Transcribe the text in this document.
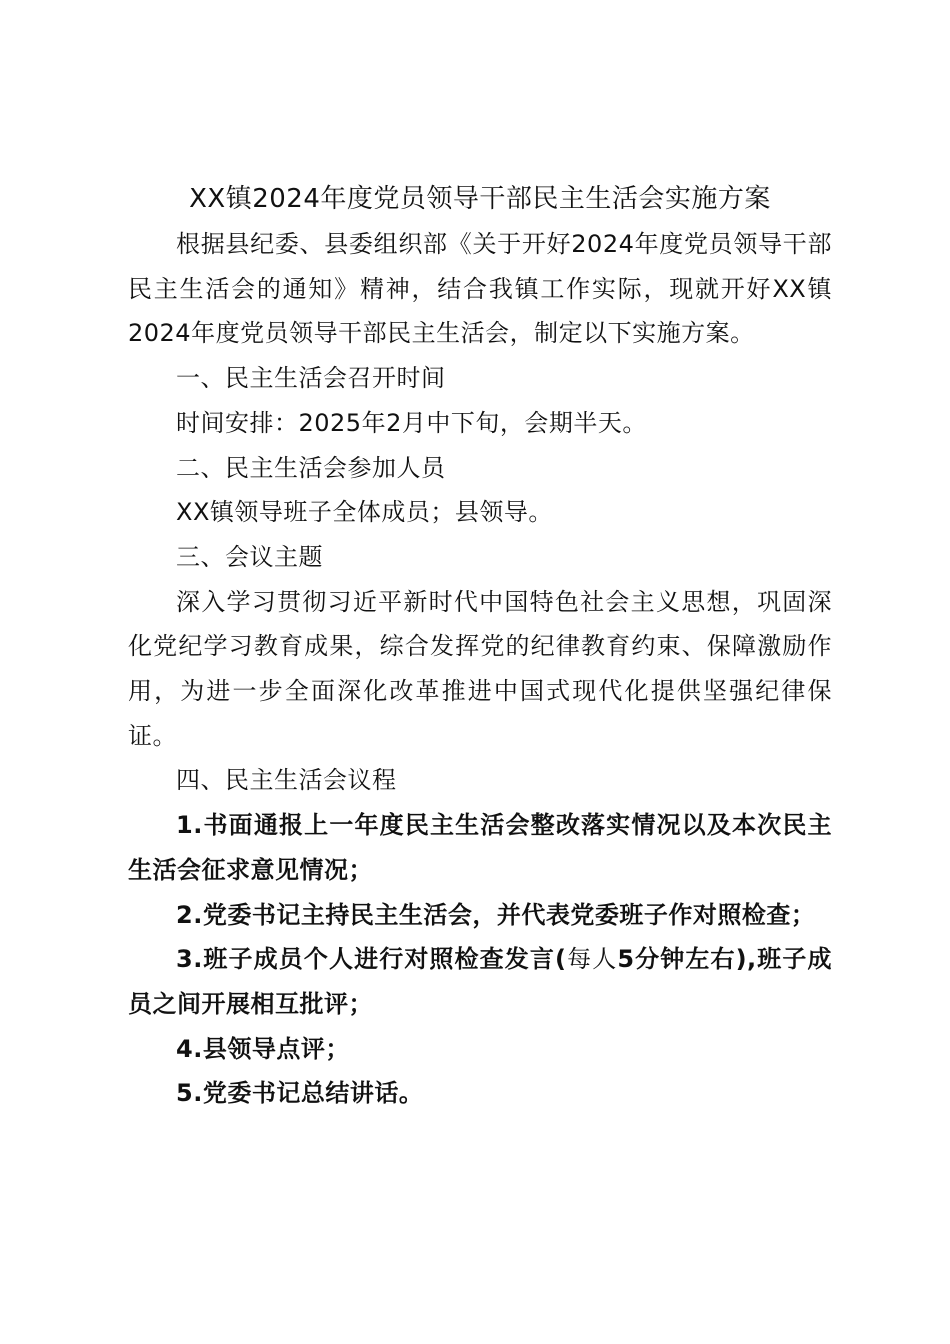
XX镇2024年度党员领导干部民主生活会实施方案

根据县纪委、县委组织部《关于开好2024年度党员领导干部民主生活会的通知》精神，结合我镇工作实际，现就开好XX镇2024年度党员领导干部民主生活会，制定以下实施方案。

一、民主生活会召开时间

时间安排：2025年2月中下旬，会期半天。

二、民主生活会参加人员

XX镇领导班子全体成员；县领导。

三、会议主题

深入学习贯彻习近平新时代中国特色社会主义思想，巩固深化党纪学习教育成果，综合发挥党的纪律教育约束、保障激励作用，为进一步全面深化改革推进中国式现代化提供坚强纪律保证。

四、民主生活会议程

1.书面通报上一年度民主生活会整改落实情况以及本次民主生活会征求意见情况；

2.党委书记主持民主生活会，并代表党委班子作对照检查；

3.班子成员个人进行对照检查发言(每人5分钟左右),班子成员之间开展相互批评；

4.县领导点评；

5.党委书记总结讲话。
